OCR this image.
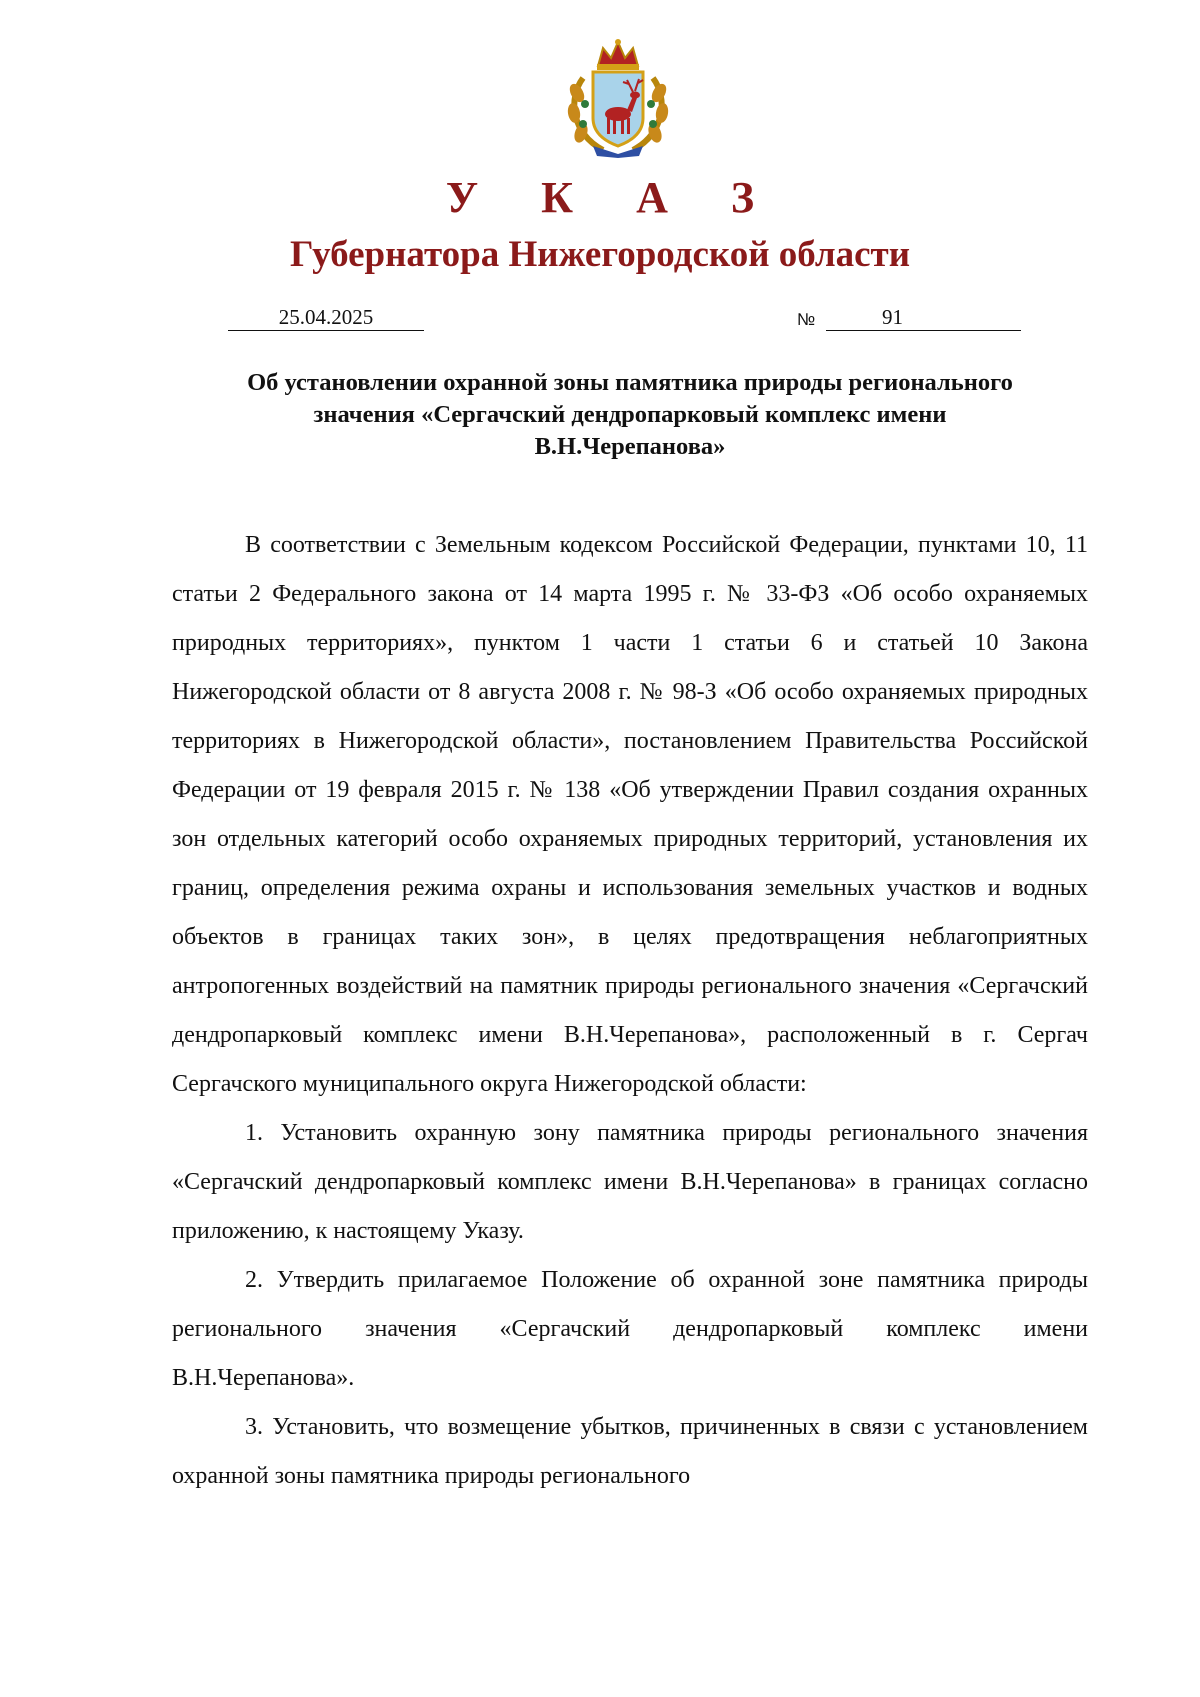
У К А З
Губернатора Нижегородской области
25.04.2025	№	91
Об установлении охранной зоны памятника природы регионального значения «Сергачский дендропарковый комплекс имени В.Н.Черепанова»

В соответствии с Земельным кодексом Российской Федерации, пунктами 10, 11 статьи 2 Федерального закона от 14 марта 1995 г. № 33-ФЗ «Об особо охраняемых природных территориях», пунктом 1 части 1 статьи 6 и статьей 10 Закона Нижегородской области от 8 августа 2008 г. № 98-З «Об особо охраняемых природных территориях в Нижегородской области», постановлением Правительства Российской Федерации от 19 февраля 2015 г. № 138 «Об утверждении Правил создания охранных зон отдельных категорий особо охраняемых природных территорий, установления их границ, определения режима охраны и использования земельных участков и водных объектов в границах таких зон», в целях предотвращения неблагоприятных антропогенных воздействий на памятник природы регионального значения «Сергачский дендропарковый комплекс имени В.Н.Черепанова», расположенный в г. Сергач Сергачского муниципального округа Нижегородской области:

1. Установить охранную зону памятника природы регионального значения «Сергачский дендропарковый комплекс имени В.Н.Черепанова» в границах согласно приложению, к настоящему Указу.

2. Утвердить прилагаемое Положение об охранной зоне памятника природы регионального значения «Сергачский дендропарковый комплекс имени В.Н.Черепанова».

3. Установить, что возмещение убытков, причиненных в связи с установлением охранной зоны памятника природы регионального
